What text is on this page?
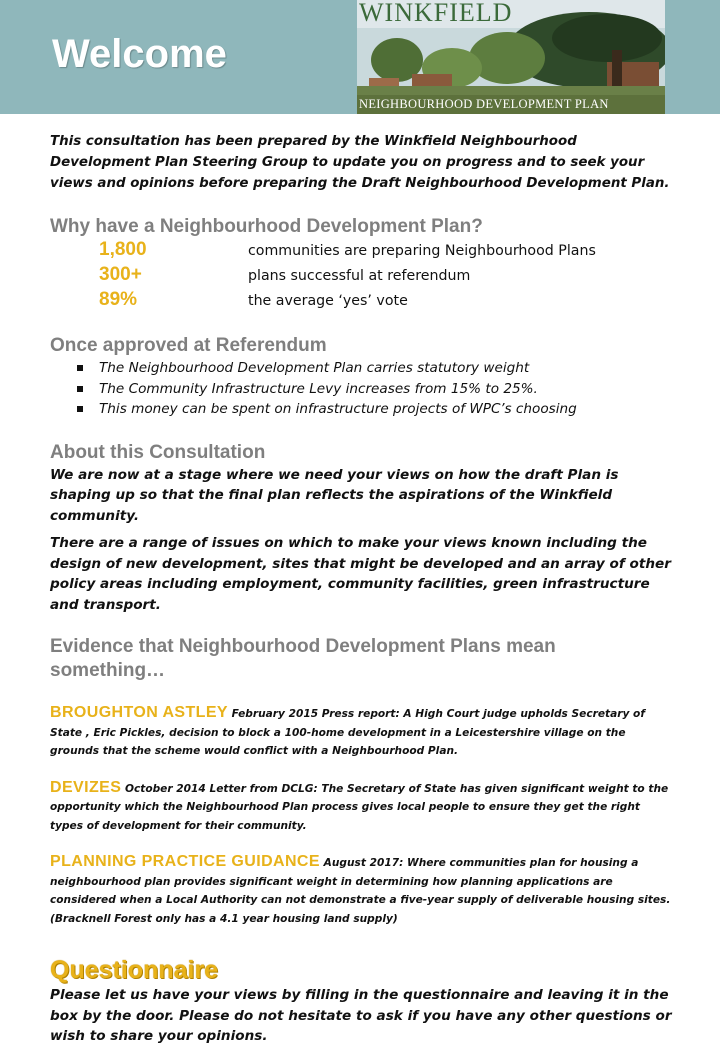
Welcome
WINKFIELD
NEIGHBOURHOOD DEVELOPMENT PLAN

This consultation has been prepared by the Winkfield Neighbourhood Development Plan Steering Group to update you on progress and to seek your views and opinions before preparing the Draft Neighbourhood Development Plan.

Why have a Neighbourhood Development Plan?
1,800	communities are preparing Neighbourhood Plans
300+	plans successful at referendum
89%	the average ‘yes’ vote
Once approved at Referendum
The Neighbourhood Development Plan carries statutory weight
The Community Infrastructure Levy increases from 15% to 25%.
This money can be spent on infrastructure projects of WPC’s choosing
About this Consultation

We are now at a stage where we need your views on how the draft Plan is shaping up so that the final plan reflects the aspirations of the Winkfield community.

There are a range of issues on which to make your views known including the design of new development, sites that might be developed and an array of other policy areas including employment, community facilities, green infrastructure and transport.

Evidence that Neighbourhood Development Plans mean something…

BROUGHTON ASTLEY February 2015 Press report: A High Court judge upholds Secretary of State , Eric Pickles, decision to block a 100-home development in a Leicestershire village on the grounds that the scheme would conflict with a Neighbourhood Plan.

DEVIZES October 2014 Letter from DCLG: The Secretary of State has given significant weight to the opportunity which the Neighbourhood Plan process gives local people to ensure they get the right types of development for their community.

PLANNING PRACTICE GUIDANCE August 2017: Where communities plan for housing a neighbourhood plan provides significant weight in determining how planning applications are considered when a Local Authority can not demonstrate a five-year supply of deliverable housing sites. (Bracknell Forest only has a 4.1 year housing land supply)

Questionnaire

Please let us have your views by filling in the questionnaire and leaving it in the box by the door. Please do not hesitate to ask if you have any other questions or wish to share your opinions.
